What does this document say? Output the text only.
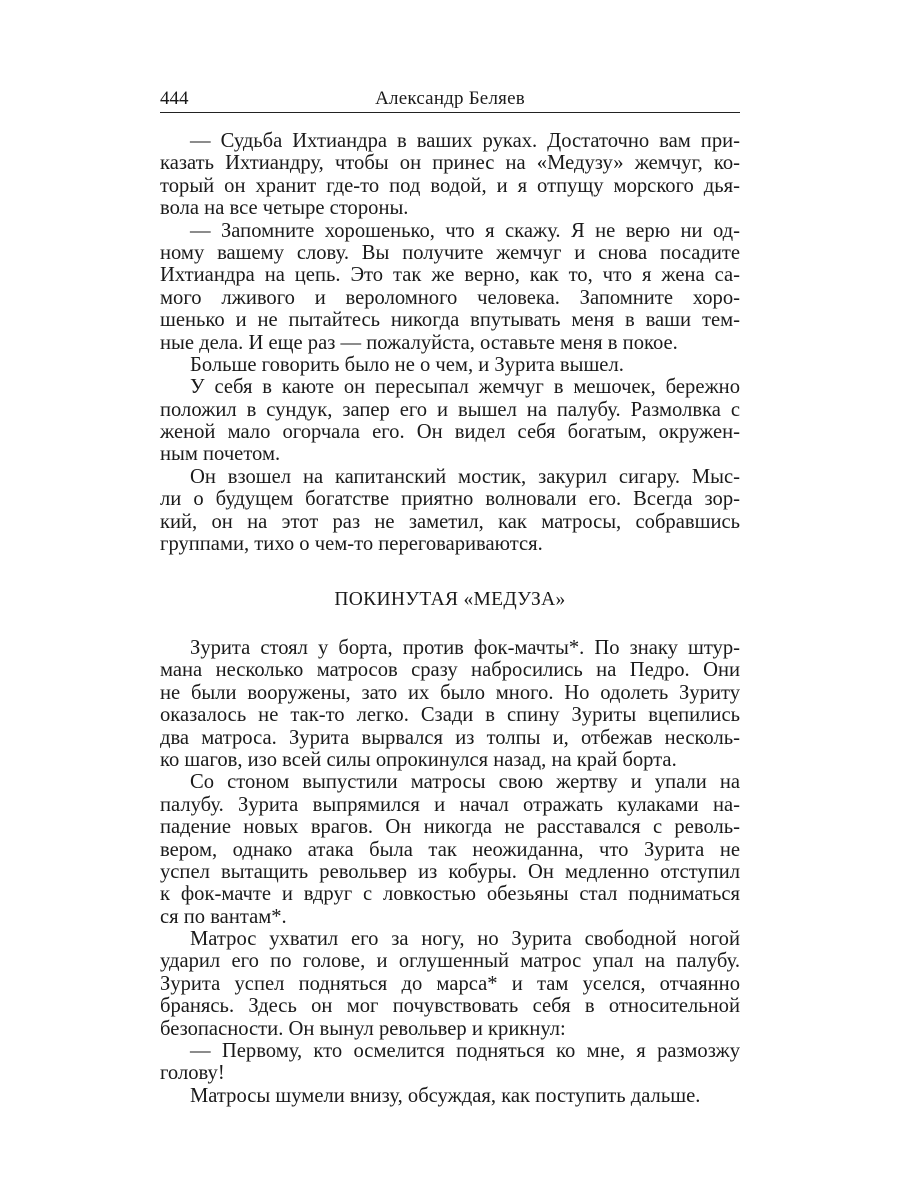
444	Александр Беляев
— Судьба Ихтиандра в ваших руках. Достаточно вам при-
казать Ихтиандру, чтобы он принес на «Медузу» жемчуг, ко-
торый он хранит где-то под водой, и я отпущу морского дья-
вола на все четыре стороны.
— Запомните хорошенько, что я скажу. Я не верю ни од-
ному вашему слову. Вы получите жемчуг и снова посадите
Ихтиандра на цепь. Это так же верно, как то, что я жена са-
мого лживого и вероломного человека. Запомните хоро-
шенько и не пытайтесь никогда впутывать меня в ваши тем-
ные дела. И еще раз — пожалуйста, оставьте меня в покое.
Больше говорить было не о чем, и Зурита вышел.
У себя в каюте он пересыпал жемчуг в мешочек, бережно
положил в сундук, запер его и вышел на палубу. Размолвка с
женой мало огорчала его. Он видел себя богатым, окружен-
ным почетом.
Он взошел на капитанский мостик, закурил сигару. Мыс-
ли о будущем богатстве приятно волновали его. Всегда зор-
кий, он на этот раз не заметил, как матросы, собравшись
группами, тихо о чем-то переговариваются.
ПОКИНУТАЯ «МЕДУЗА»
Зурита стоял у борта, против фок-мачты*. По знаку штур-
мана несколько матросов сразу набросились на Педро. Они
не были вооружены, зато их было много. Но одолеть Зуриту
оказалось не так-то легко. Сзади в спину Зуриты вцепились
два матроса. Зурита вырвался из толпы и, отбежав несколь-
ко шагов, изо всей силы опрокинулся назад, на край борта.
Со стоном выпустили матросы свою жертву и упали на
палубу. Зурита выпрямился и начал отражать кулаками на-
падение новых врагов. Он никогда не расставался с револь-
вером, однако атака была так неожиданна, что Зурита не
успел вытащить револьвер из кобуры. Он медленно отступил
к фок-мачте и вдруг с ловкостью обезьяны стал подниматься
ся по вантам*.
Матрос ухватил его за ногу, но Зурита свободной ногой
ударил его по голове, и оглушенный матрос упал на палубу.
Зурита успел подняться до марса* и там уселся, отчаянно
бранясь. Здесь он мог почувствовать себя в относительной
безопасности. Он вынул револьвер и крикнул:
— Первому, кто осмелится подняться ко мне, я размозжу
голову!
Матросы шумели внизу, обсуждая, как поступить дальше.
